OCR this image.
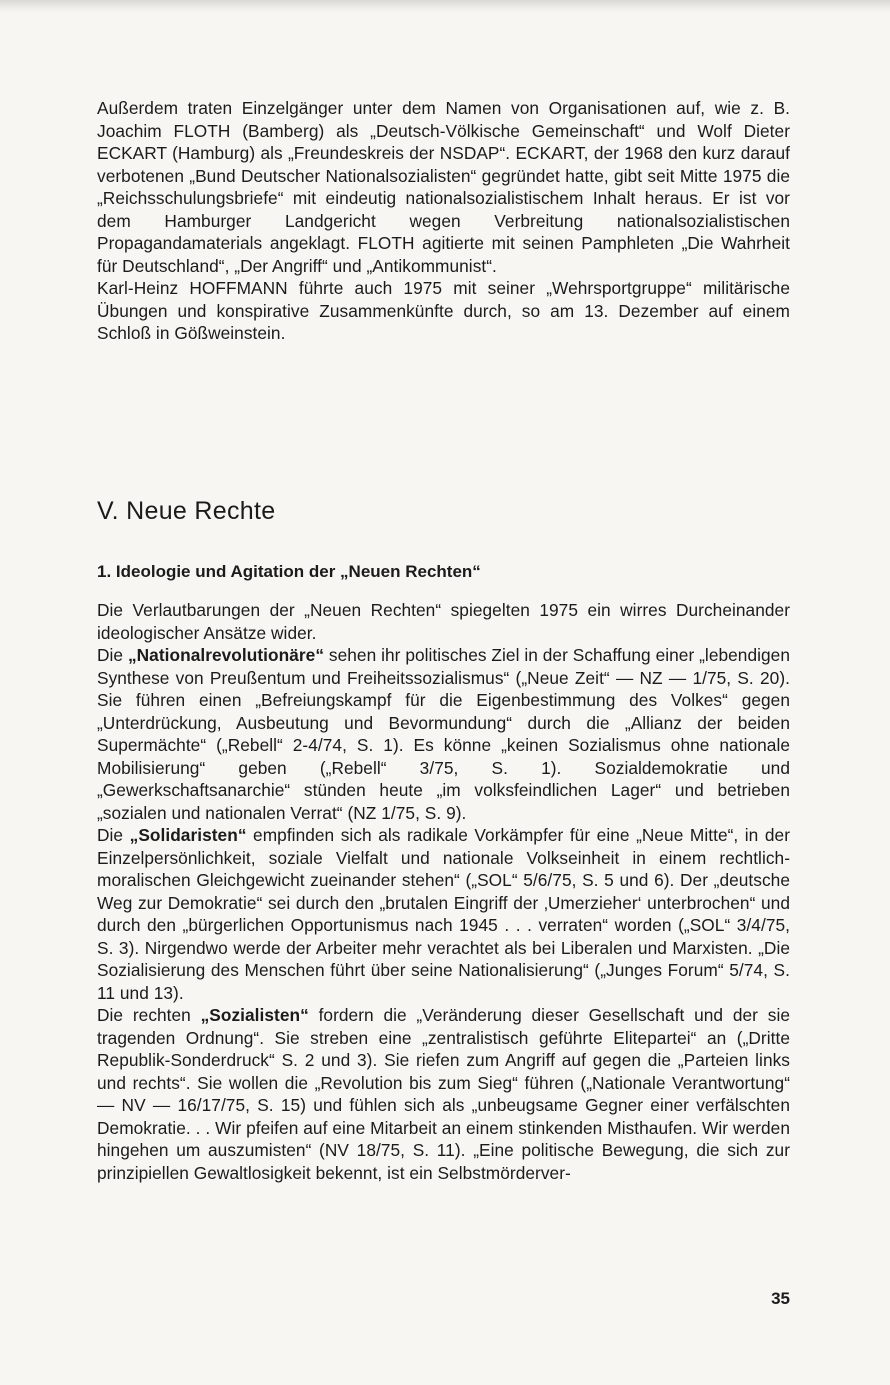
Außerdem traten Einzelgänger unter dem Namen von Organisationen auf, wie z. B. Joachim FLOTH (Bamberg) als „Deutsch-Völkische Gemeinschaft“ und Wolf Dieter ECKART (Hamburg) als „Freundeskreis der NSDAP“. ECKART, der 1968 den kurz darauf verbotenen „Bund Deutscher Nationalsozialisten“ gegründet hatte, gibt seit Mitte 1975 die „Reichsschulungsbriefe“ mit eindeutig nationalsozialistischem Inhalt heraus. Er ist vor dem Hamburger Landgericht wegen Verbreitung nationalsozialistischen Propagandamaterials angeklagt. FLOTH agitierte mit seinen Pamphleten „Die Wahrheit für Deutschland“, „Der Angriff“ und „Antikommunist“.

Karl-Heinz HOFFMANN führte auch 1975 mit seiner „Wehrsportgruppe“ militärische Übungen und konspirative Zusammenkünfte durch, so am 13. Dezember auf einem Schloß in Gößweinstein.

V. Neue Rechte
1. Ideologie und Agitation der „Neuen Rechten“

Die Verlautbarungen der „Neuen Rechten“ spiegelten 1975 ein wirres Durcheinander ideologischer Ansätze wider.

Die „Nationalrevolutionäre“ sehen ihr politisches Ziel in der Schaffung einer „lebendigen Synthese von Preußentum und Freiheitssozialismus“ („Neue Zeit“ — NZ — 1/75, S. 20). Sie führen einen „Befreiungskampf für die Eigenbestimmung des Volkes“ gegen „Unterdrückung, Ausbeutung und Bevormundung“ durch die „Allianz der beiden Supermächte“ („Rebell“ 2-4/74, S. 1). Es könne „keinen Sozialismus ohne nationale Mobilisierung“ geben („Rebell“ 3/75, S. 1). Sozialdemokratie und „Gewerkschaftsanarchie“ stünden heute „im volksfeindlichen Lager“ und betrieben „sozialen und nationalen Verrat“ (NZ 1/75, S. 9).

Die „Solidaristen“ empfinden sich als radikale Vorkämpfer für eine „Neue Mitte“, in der Einzelpersönlichkeit, soziale Vielfalt und nationale Volkseinheit in einem rechtlich-moralischen Gleichgewicht zueinander stehen“ („SOL“ 5/6/75, S. 5 und 6). Der „deutsche Weg zur Demokratie“ sei durch den „brutalen Eingriff der ‚Umerzieher‘ unterbrochen“ und durch den „bürgerlichen Opportunismus nach 1945 . . . verraten“ worden („SOL“ 3/4/75, S. 3). Nirgendwo werde der Arbeiter mehr verachtet als bei Liberalen und Marxisten. „Die Sozialisierung des Menschen führt über seine Nationalisierung“ („Junges Forum“ 5/74, S. 11 und 13).

Die rechten „Sozialisten“ fordern die „Veränderung dieser Gesellschaft und der sie tragenden Ordnung“. Sie streben eine „zentralistisch geführte Elitepartei“ an („Dritte Republik-Sonderdruck“ S. 2 und 3). Sie riefen zum Angriff auf gegen die „Parteien links und rechts“. Sie wollen die „Revolution bis zum Sieg“ führen („Nationale Verantwortung“ — NV — 16/17/75, S. 15) und fühlen sich als „unbeugsame Gegner einer verfälschten Demokratie. . . Wir pfeifen auf eine Mitarbeit an einem stinkenden Misthaufen. Wir werden hingehen um auszumisten“ (NV 18/75, S. 11). „Eine politische Bewegung, die sich zur prinzipiellen Gewaltlosigkeit bekennt, ist ein Selbstmörderver-

35
